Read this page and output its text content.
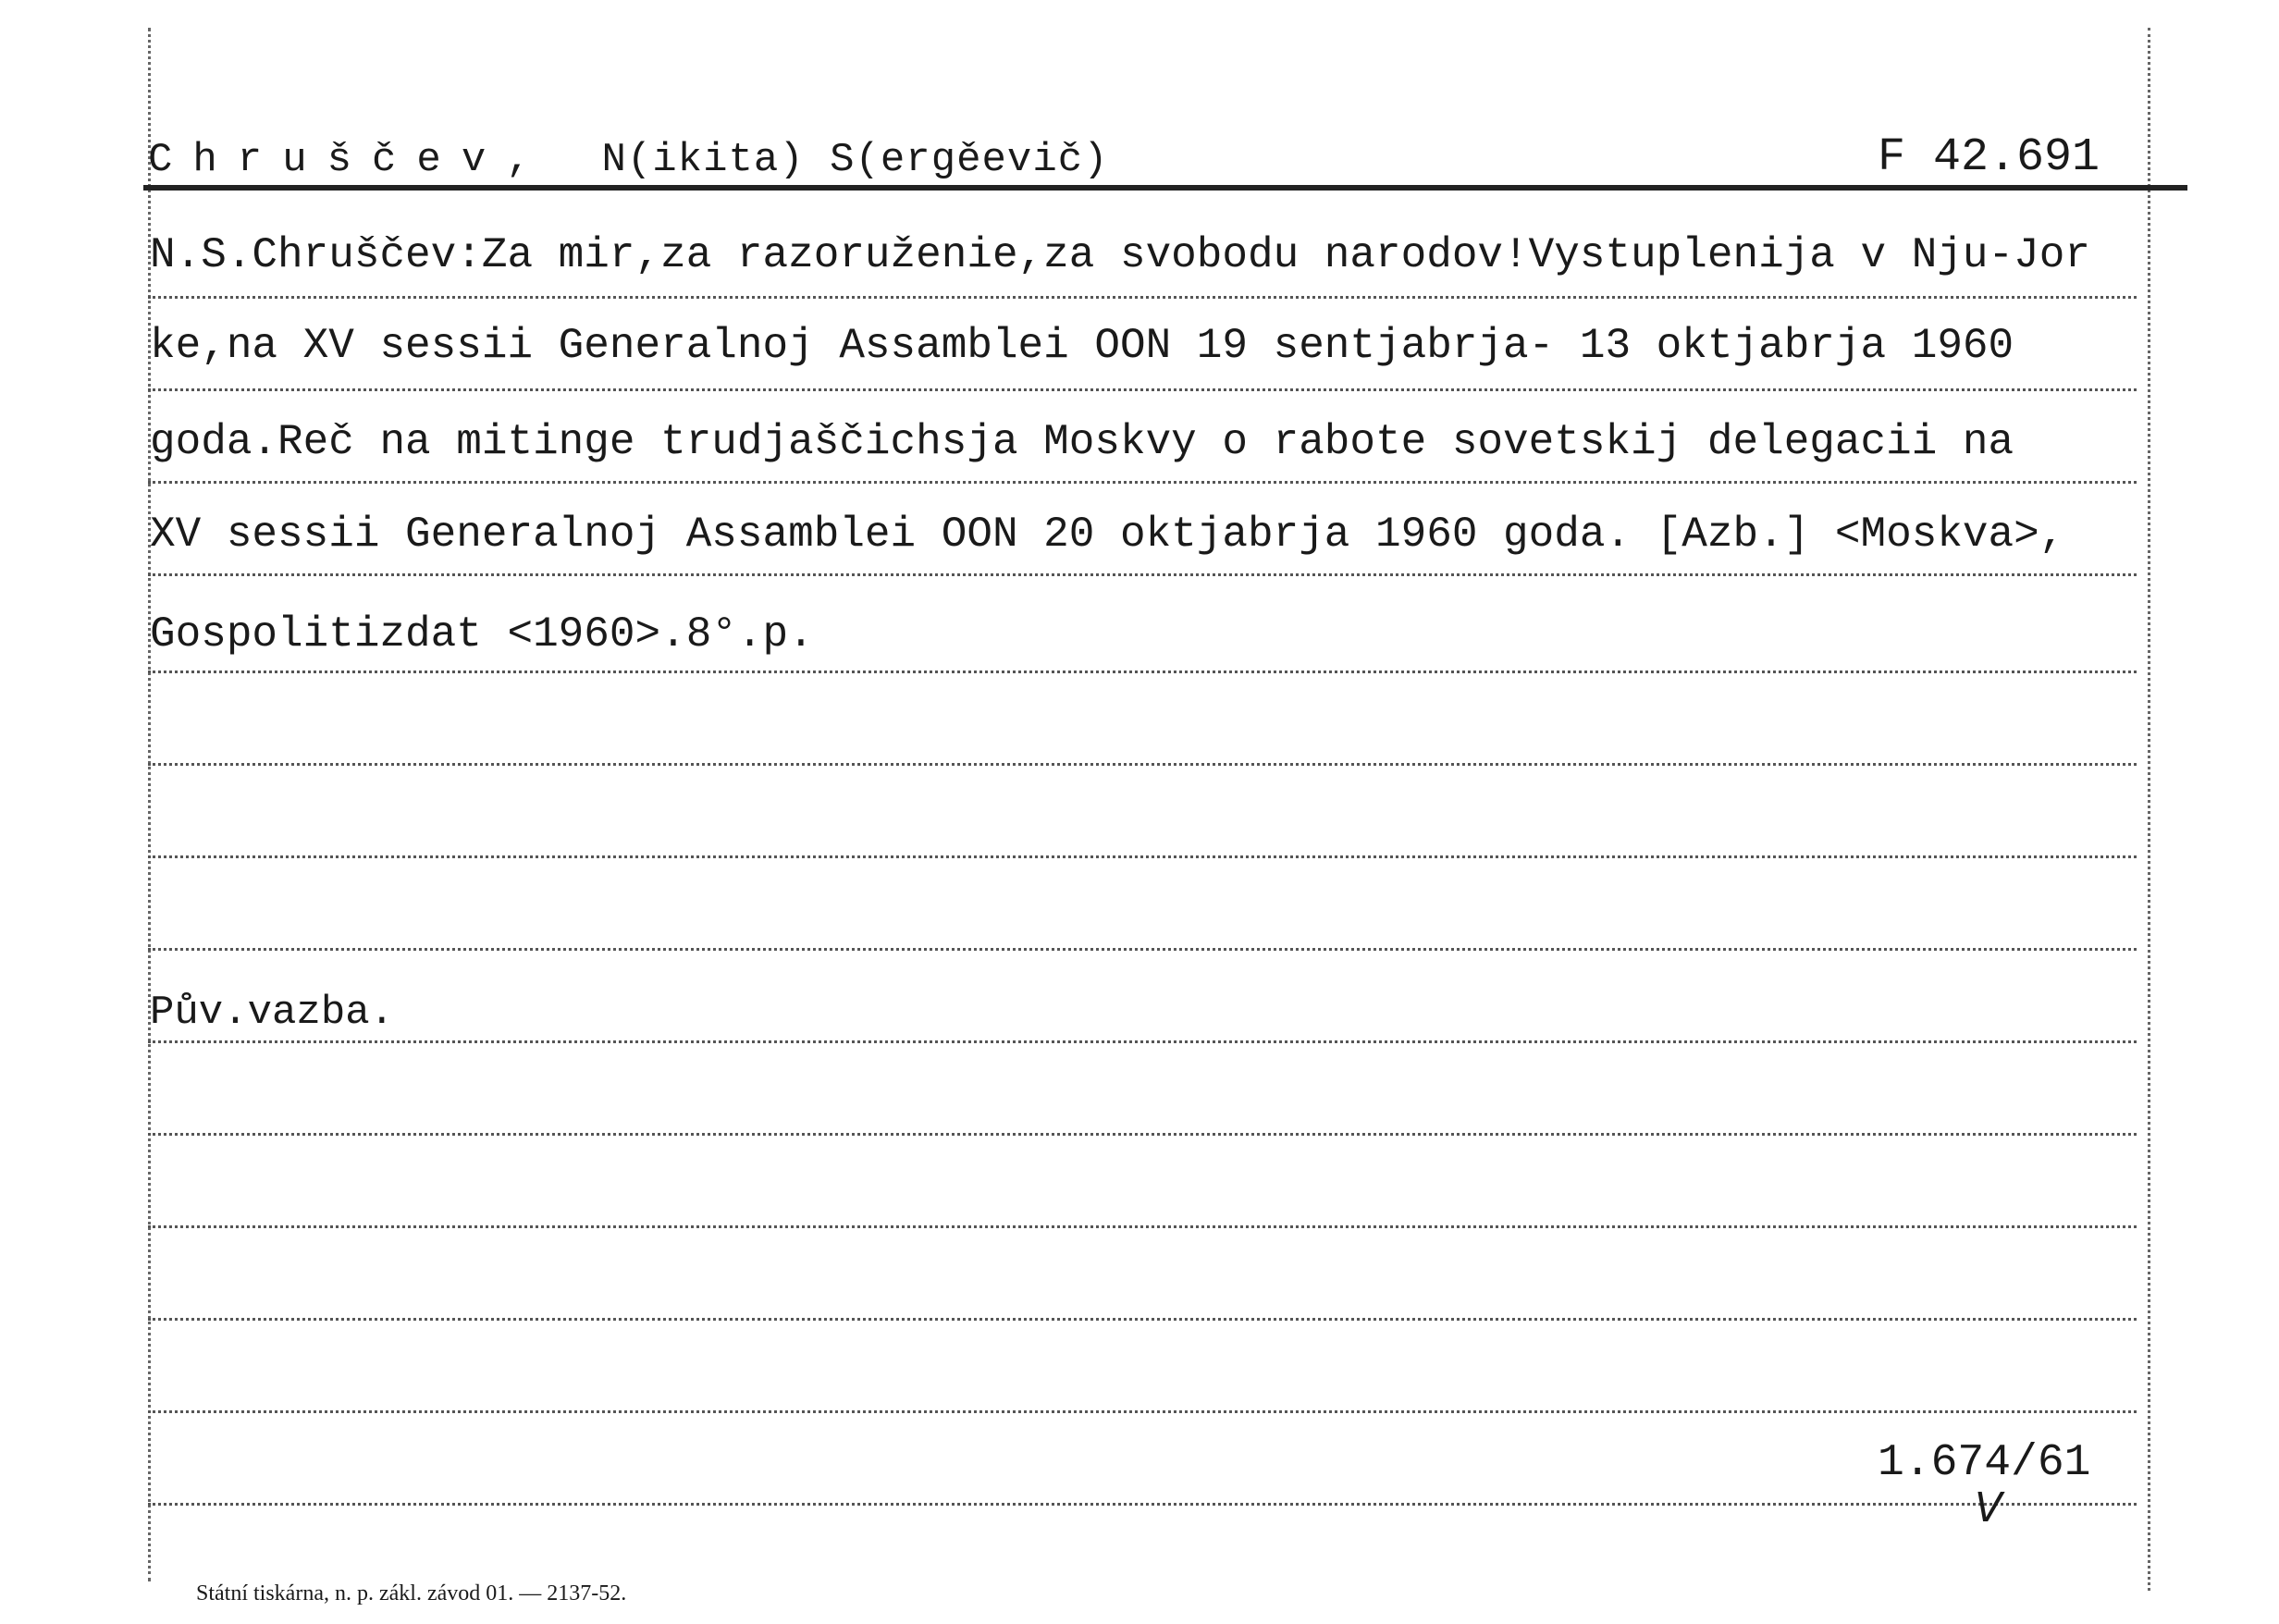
Chruščev, N(ikita) S(ergěevič)	F 42.691
N.S.Chruščev:Za mir,za razoruženie,za svobodu narodov!Vystuplenija v Nju-Jor
ke,na XV sessii Generalnoj Assamblei OON 19 sentjabrja- 13 oktjabrja 1960
goda.Reč na mitinge trudjaščichsja Moskvy o rabote sovetskij delegacii na
XV sessii Generalnoj Assamblei OON 20 oktjabrja 1960 goda. [Azb.] <Moskva>,
Gospolitizdat <1960>.8°.p.
Pův.vazba.
1.674/61
V
Státní tiskárna, n. p. zákl. závod 01. — 2137-52.
